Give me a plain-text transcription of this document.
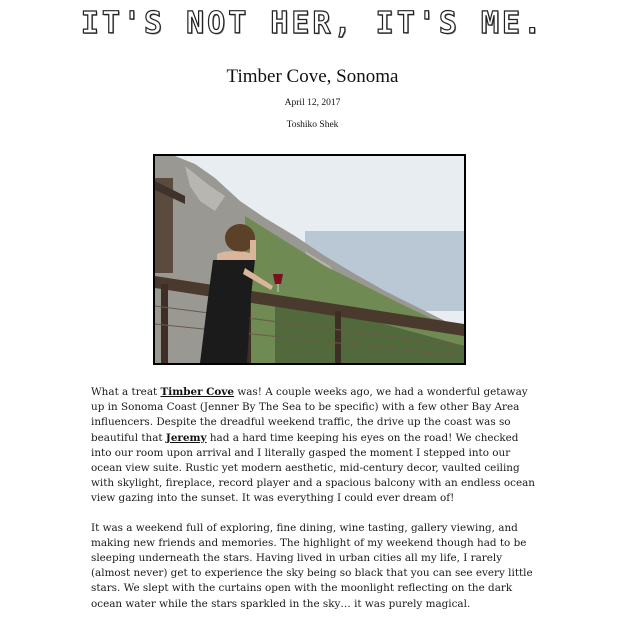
IT'S NOT HER, IT'S ME.
Timber Cove, Sonoma
April 12, 2017
Toshiko Shek

What a treat Timber Cove was! A couple weeks ago, we had a wonderful getaway up in Sonoma Coast (Jenner By The Sea to be specific) with a few other Bay Area influencers. Despite the dreadful weekend traffic, the drive up the coast was so beautiful that Jeremy had a hard time keeping his eyes on the road! We checked into our room upon arrival and I literally gasped the moment I stepped into our ocean view suite. Rustic yet modern aesthetic, mid-century decor, vaulted ceiling with skylight, fireplace, record player and a spacious balcony with an endless ocean view gazing into the sunset. It was everything I could ever dream of!

It was a weekend full of exploring, fine dining, wine tasting, gallery viewing, and making new friends and memories. The highlight of my weekend though had to be sleeping underneath the stars. Having lived in urban cities all my life, I rarely (almost never) get to experience the sky being so black that you can see every little stars. We slept with the curtains open with the moonlight reflecting on the dark ocean water while the stars sparkled in the sky… it was purely magical.
